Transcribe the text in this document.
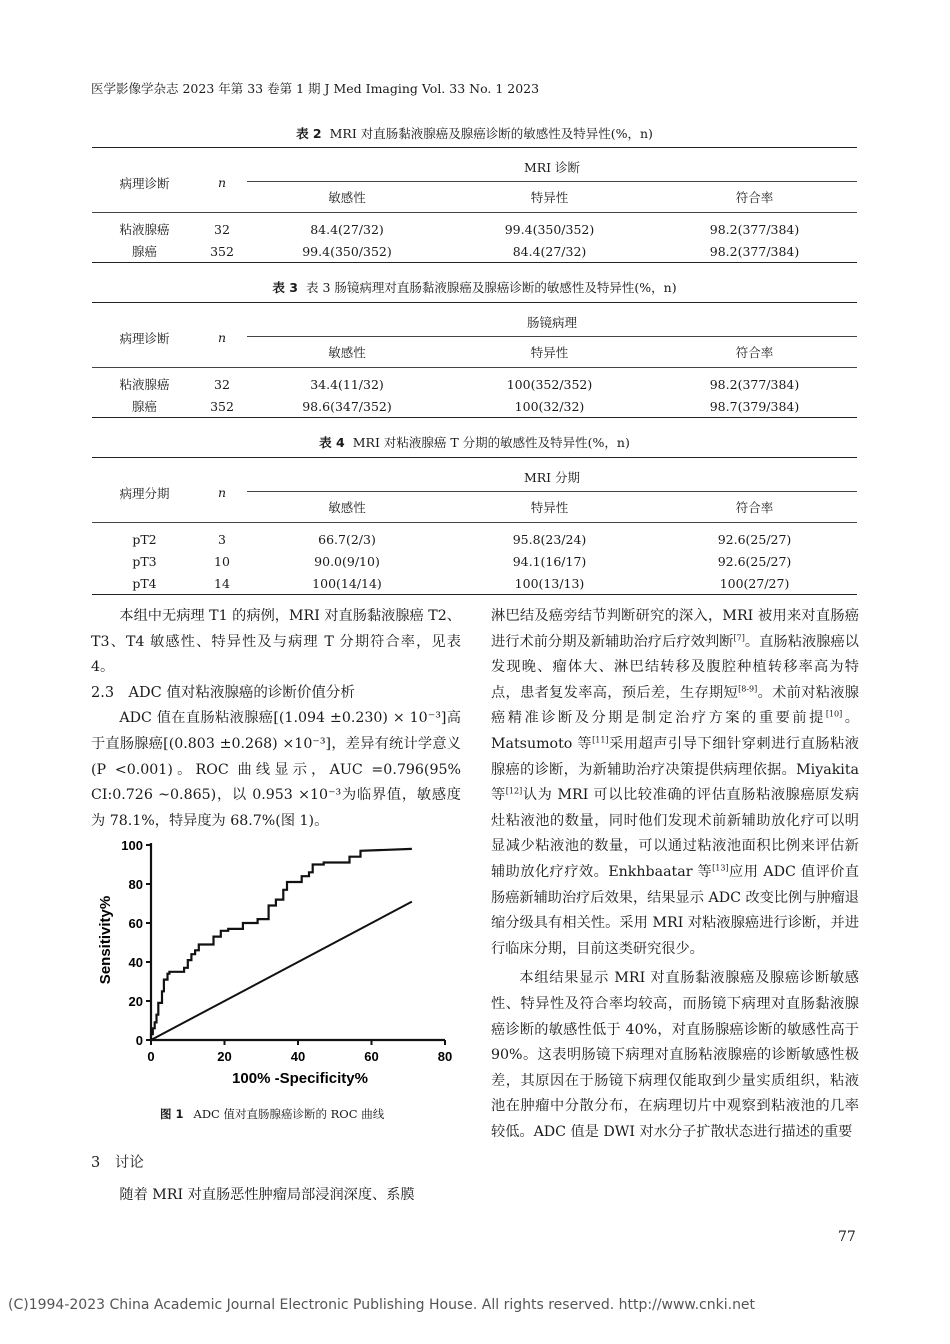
医学影像学杂志 2023 年第 33 卷第 1 期 J Med Imaging Vol. 33 No. 1 2023
表 2 MRI 对直肠黏液腺癌及腺癌诊断的敏感性及特异性(%，n)
病理诊断	n	MRI 诊断		
		敏感性	特异性	符合率
粘液腺癌	32	84.4(27/32)	99.4(350/352)	98.2(377/384)
腺癌	352	99.4(350/352)	84.4(27/32)	98.2(377/384)
表 3 表 3 肠镜病理对直肠黏液腺癌及腺癌诊断的敏感性及特异性(%，n)
病理诊断	n	肠镜病理		
		敏感性	特异性	符合率
粘液腺癌	32	34.4(11/32)	100(352/352)	98.2(377/384)
腺癌	352	98.6(347/352)	100(32/32)	98.7(379/384)
表 4 MRI 对粘液腺癌 T 分期的敏感性及特异性(%，n)
病理分期	n	MRI 分期		
		敏感性	特异性	符合率
pT2	3	66.7(2/3)	95.8(23/24)	92.6(25/27)
pT3	10	90.0(9/10)	94.1(16/17)	92.6(25/27)
pT4	14	100(14/14)	100(13/13)	100(27/27)

本组中无病理 T1 的病例，MRI 对直肠黏液腺癌 T2、T3、T4 敏感性、特异性及与病理 T 分期符合率，见表 4。

2.3　ADC 值对粘液腺癌的诊断价值分析

ADC 值在直肠粘液腺癌[(1.094 ±0.230) × 10⁻³]高于直肠腺癌[(0.803 ±0.268) ×10⁻³]，差异有统计学意义(P <0.001)。ROC 曲线显示，AUC =0.796(95% CI:0.726 ~0.865)，以 0.953 ×10⁻³为临界值，敏感度为 78.1%，特异度为 68.7%(图 1)。

0
20
40
60
80
100
0	20	40	60	80
100% -Specificity%
Sensitivity%
图 1 ADC 值对直肠腺癌诊断的 ROC 曲线
3　讨论

随着 MRI 对直肠恶性肿瘤局部浸润深度、系膜

淋巴结及癌旁结节判断研究的深入，MRI 被用来对直肠癌进行术前分期及新辅助治疗后疗效判断[7]。直肠粘液腺癌以发现晚、瘤体大、淋巴结转移及腹腔种植转移率高为特点，患者复发率高，预后差，生存期短[8-9]。术前对粘液腺癌精准诊断及分期是制定治疗方案的重要前提[10]。Matsumoto 等[11]采用超声引导下细针穿刺进行直肠粘液腺癌的诊断，为新辅助治疗决策提供病理依据。Miyakita 等[12]认为 MRI 可以比较准确的评估直肠粘液腺癌原发病灶粘液池的数量，同时他们发现术前新辅助放化疗可以明显减少粘液池的数量，可以通过粘液池面积比例来评估新辅助放化疗疗效。Enkhbaatar 等[13]应用 ADC 值评价直肠癌新辅助治疗后效果，结果显示 ADC 改变比例与肿瘤退缩分级具有相关性。采用 MRI 对粘液腺癌进行诊断，并进行临床分期，目前这类研究很少。

本组结果显示 MRI 对直肠黏液腺癌及腺癌诊断敏感性、特异性及符合率均较高，而肠镜下病理对直肠黏液腺癌诊断的敏感性低于 40%，对直肠腺癌诊断的敏感性高于 90%。这表明肠镜下病理对直肠粘液腺癌的诊断敏感性极差，其原因在于肠镜下病理仅能取到少量实质组织，粘液池在肿瘤中分散分布，在病理切片中观察到粘液池的几率较低。ADC 值是 DWI 对水分子扩散状态进行描述的重要

77
(C)1994-2023 China Academic Journal Electronic Publishing House. All rights reserved. http://www.cnki.net
